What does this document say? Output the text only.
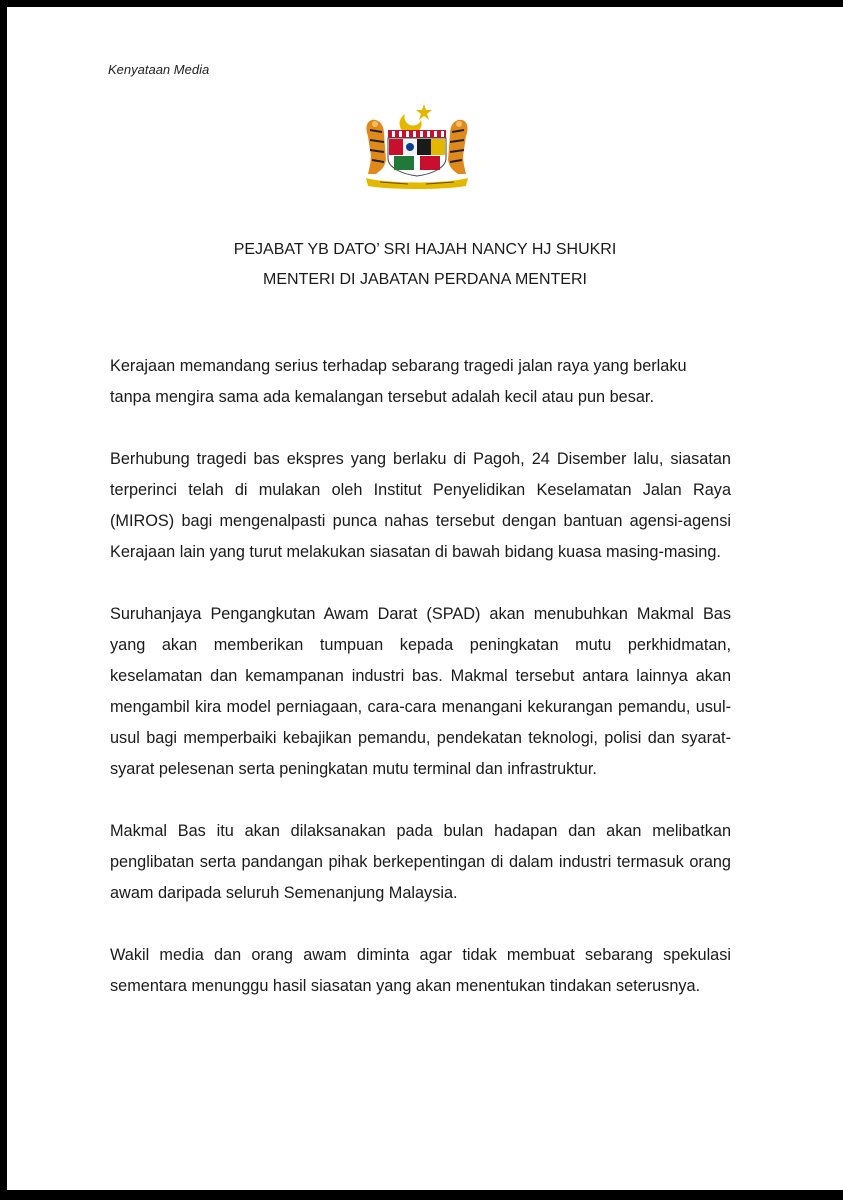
Kenyataan Media
PEJABAT YB DATO’ SRI HAJAH NANCY HJ SHUKRI
MENTERI DI JABATAN PERDANA MENTERI

Kerajaan memandang serius terhadap sebarang tragedi jalan raya yang berlaku tanpa mengira sama ada kemalangan tersebut adalah kecil atau pun besar.

Berhubung tragedi bas ekspres yang berlaku di Pagoh, 24 Disember lalu, siasatan terperinci telah di mulakan oleh Institut Penyelidikan Keselamatan Jalan Raya (MIROS) bagi mengenalpasti punca nahas tersebut dengan bantuan agensi-agensi Kerajaan lain yang turut melakukan siasatan di bawah bidang kuasa masing-masing.

Suruhanjaya Pengangkutan Awam Darat (SPAD) akan menubuhkan Makmal Bas yang akan memberikan tumpuan kepada peningkatan mutu perkhidmatan, keselamatan dan kemampanan industri bas. Makmal tersebut antara lainnya akan mengambil kira model perniagaan, cara-cara menangani kekurangan pemandu, usul-usul bagi memperbaiki kebajikan pemandu, pendekatan teknologi, polisi dan syarat-syarat pelesenan serta peningkatan mutu terminal dan infrastruktur.

Makmal Bas itu akan dilaksanakan pada bulan hadapan dan akan melibatkan penglibatan serta pandangan pihak berkepentingan di dalam industri termasuk orang awam daripada seluruh Semenanjung Malaysia.

Wakil media dan orang awam diminta agar tidak membuat sebarang spekulasi sementara menunggu hasil siasatan yang akan menentukan tindakan seterusnya.
